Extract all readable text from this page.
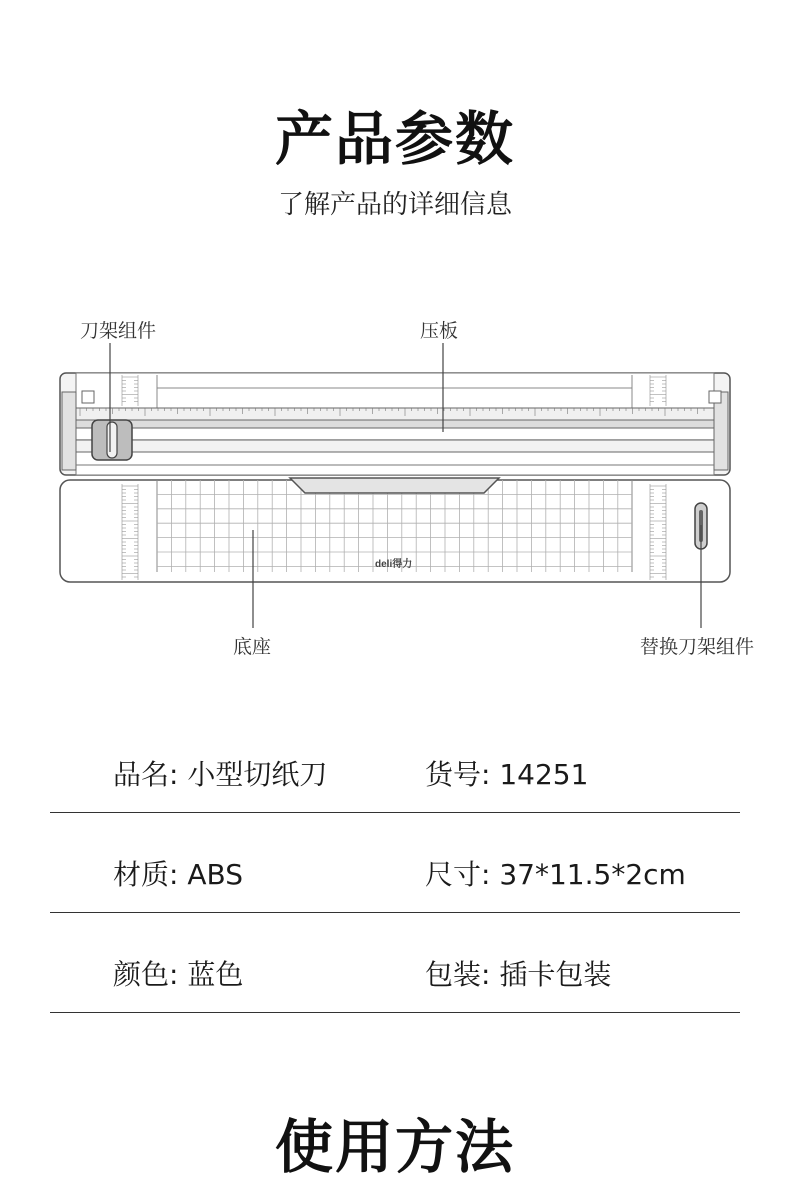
产品参数
了解产品的详细信息
deli得力
刀架组件	压板
底座	替换刀架组件
品名: 小型切纸刀	货号: 14251
材质: ABS	尺寸: 37*11.5*2cm
颜色: 蓝色	包装: 插卡包装
使用方法
